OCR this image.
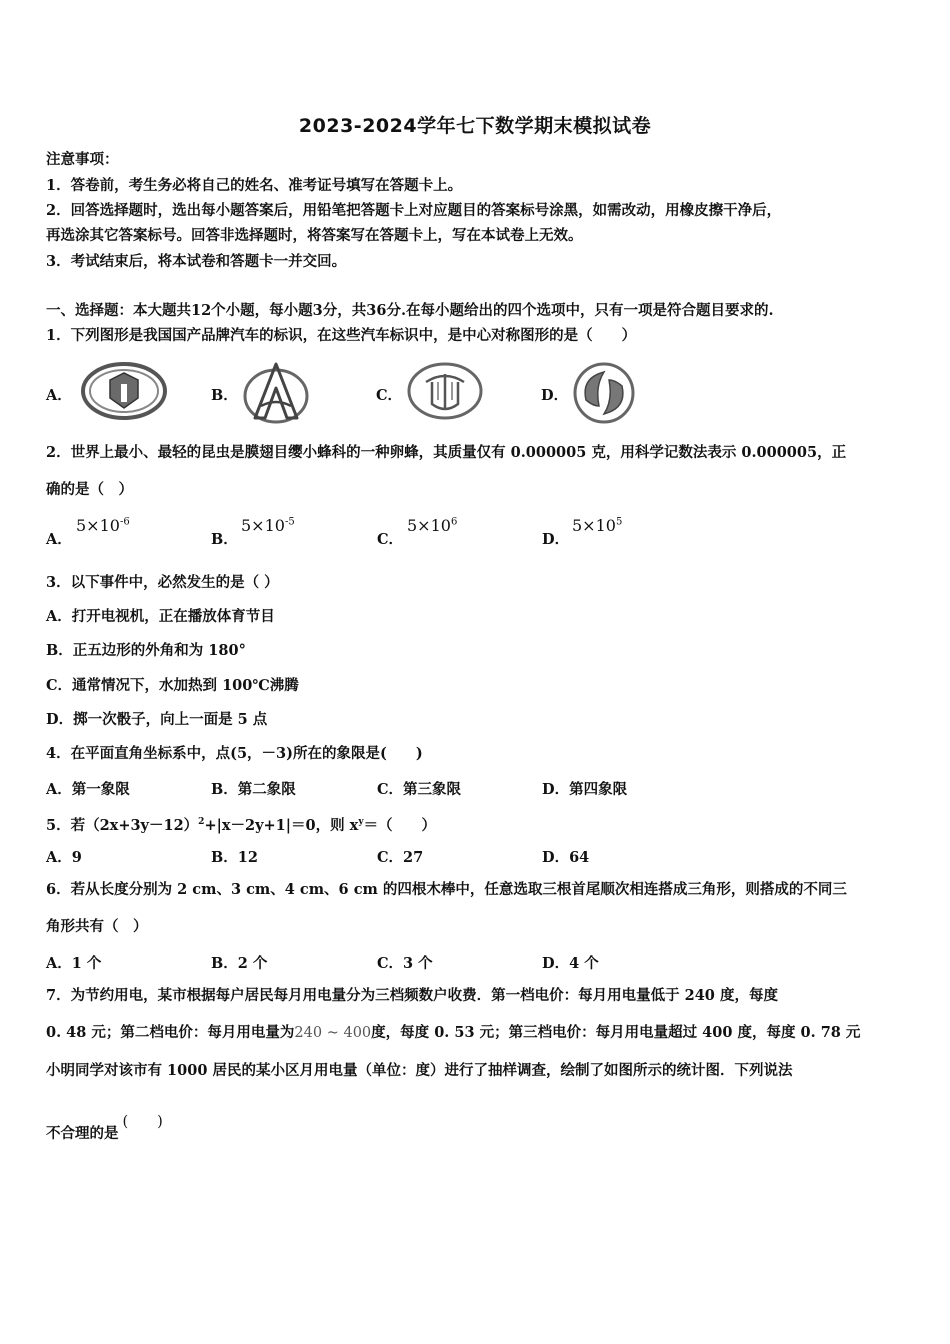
2023-2024学年七下数学期末模拟试卷
注意事项：
1．答卷前，考生务必将自己的姓名、准考证号填写在答题卡上。
2．回答选择题时，选出每小题答案后，用铅笔把答题卡上对应题目的答案标号涂黑，如需改动，用橡皮擦干净后，
再选涂其它答案标号。回答非选择题时，将答案写在答题卡上，写在本试卷上无效。
3．考试结束后，将本试卷和答题卡一并交回。
一、选择题：本大题共12个小题，每小题3分，共36分.在每小题给出的四个选项中，只有一项是符合题目要求的.
1．下列图形是我国国产品牌汽车的标识，在这些汽车标识中，是中心对称图形的是（　　）
A．	B．	C．	D．
2．世界上最小、最轻的昆虫是膜翅目缨小蜂科的一种卵蜂，其质量仅有 0.000005 克，用科学记数法表示 0.000005，正
确的是（　）
A．
$5\times 10^{-6}$
B．
$5\times 10^{-5}$
C．
$5\times 10^6$
D．
$5\times 10^5$
3．以下事件中，必然发生的是（ ）
A．打开电视机，正在播放体育节目
B．正五边形的外角和为 180°
C．通常情况下，水加热到 100℃沸腾
D．掷一次骰子，向上一面是 5 点
4．在平面直角坐标系中，点(5，－3)所在的象限是(　　)
A．第一象限	B．第二象限	C．第三象限	D．第四象限
5．若$(2x+3y-12)^2+|x-2y+1|=0$，则 $x^y=$（　　）
A．9	B．12	C．27	D．64
6．若从长度分别为 2 cm、3 cm、4 cm、6 cm 的四根木棒中，任意选取三根首尾顺次相连搭成三角形，则搭成的不同三
角形共有（　）
A．1 个	B．2 个	C．3 个	D．4 个
7．为节约用电，某市根据每户居民每月用电量分为三档频数户收费．第一档电价：每月用电量低于 240 度，每度
0. 48 元；第二档电价：每月用电量为240 ~ 400度，每度 0. 53 元；第三档电价：每月用电量超过 400 度，每度 0. 78 元
小明同学对该市有 1000 居民的某小区月用电量（单位：度）进行了抽样调查，绘制了如图所示的统计图．下列说法
不合理的是(　　)
